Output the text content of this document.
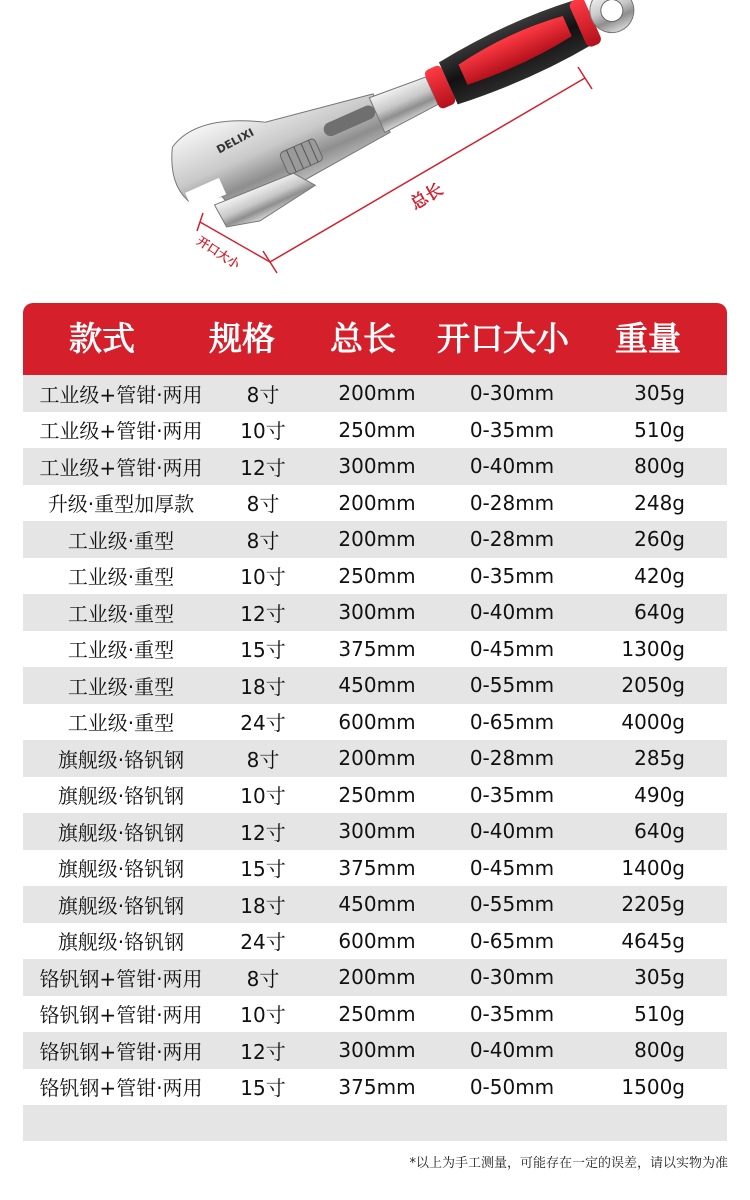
DELIXI
总长
开口大小
款式	规格	总长	开口大小	重量
工业级+管钳·两用	8寸	200mm	0-30mm	305g
工业级+管钳·两用	10寸	250mm	0-35mm	510g
工业级+管钳·两用	12寸	300mm	0-40mm	800g
升级·重型加厚款	8寸	200mm	0-28mm	248g
工业级·重型	8寸	200mm	0-28mm	260g
工业级·重型	10寸	250mm	0-35mm	420g
工业级·重型	12寸	300mm	0-40mm	640g
工业级·重型	15寸	375mm	0-45mm	1300g
工业级·重型	18寸	450mm	0-55mm	2050g
工业级·重型	24寸	600mm	0-65mm	4000g
旗舰级·铬钒钢	8寸	200mm	0-28mm	285g
旗舰级·铬钒钢	10寸	250mm	0-35mm	490g
旗舰级·铬钒钢	12寸	300mm	0-40mm	640g
旗舰级·铬钒钢	15寸	375mm	0-45mm	1400g
旗舰级·铬钒钢	18寸	450mm	0-55mm	2205g
旗舰级·铬钒钢	24寸	600mm	0-65mm	4645g
铬钒钢+管钳·两用	8寸	200mm	0-30mm	305g
铬钒钢+管钳·两用	10寸	250mm	0-35mm	510g
铬钒钢+管钳·两用	12寸	300mm	0-40mm	800g
铬钒钢+管钳·两用	15寸	375mm	0-50mm	1500g
*以上为手工测量，可能存在一定的误差，请以实物为准
